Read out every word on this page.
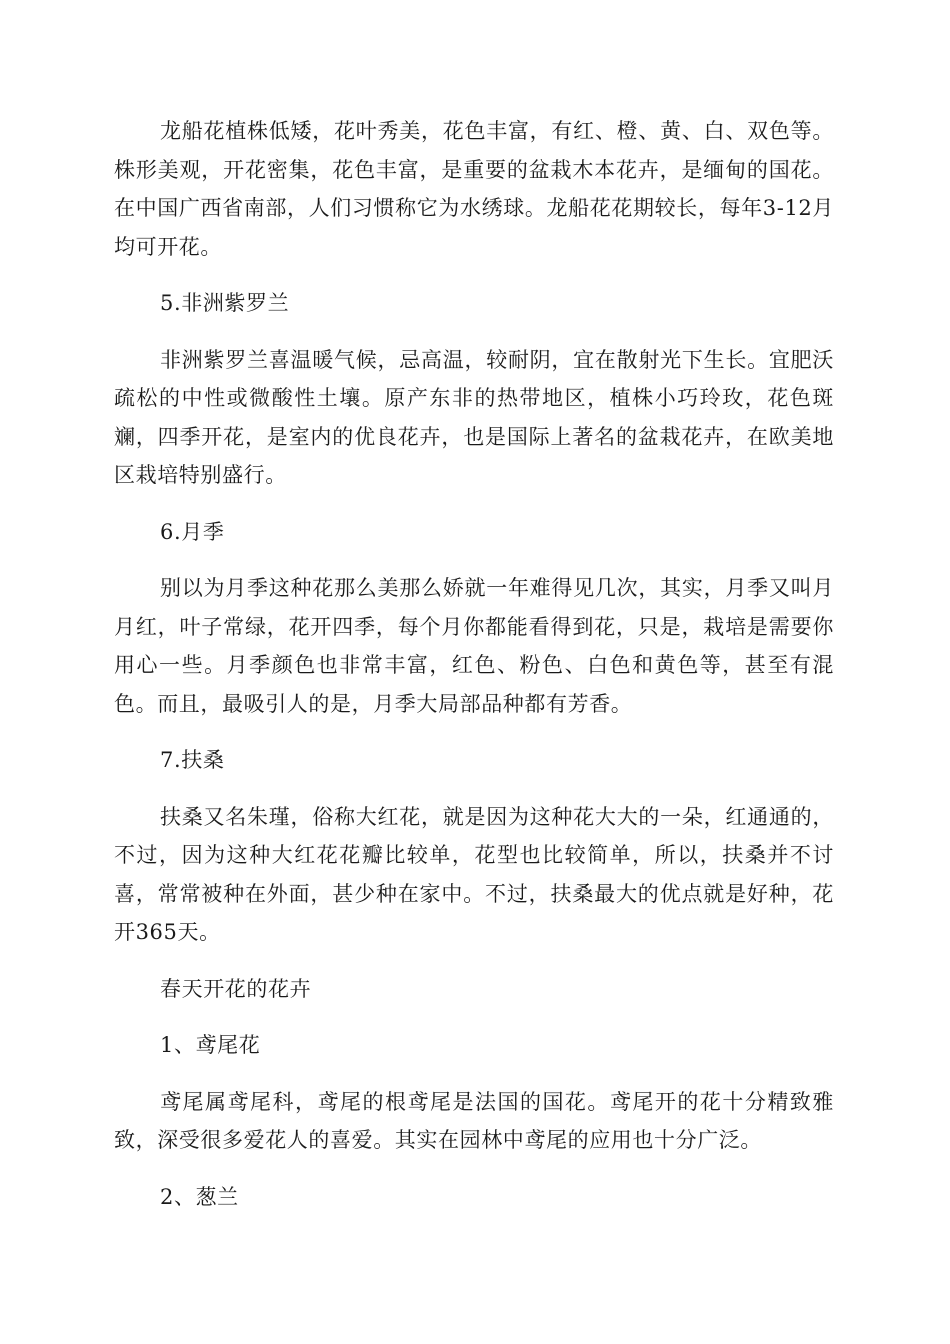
龙船花植株低矮，花叶秀美，花色丰富，有红、橙、黄、白、双色等。株形美观，开花密集，花色丰富，是重要的盆栽木本花卉，是缅甸的国花。在中国广西省南部，人们习惯称它为水绣球。龙船花花期较长，每年3-12月均可开花。

5.非洲紫罗兰

非洲紫罗兰喜温暖气候，忌高温，较耐阴，宜在散射光下生长。宜肥沃疏松的中性或微酸性土壤。原产东非的热带地区，植株小巧玲玫，花色斑斓，四季开花，是室内的优良花卉，也是国际上著名的盆栽花卉，在欧美地区栽培特别盛行。

6.月季

别以为月季这种花那么美那么娇就一年难得见几次，其实，月季又叫月月红，叶子常绿，花开四季，每个月你都能看得到花，只是，栽培是需要你用心一些。月季颜色也非常丰富，红色、粉色、白色和黄色等，甚至有混色。而且，最吸引人的是，月季大局部品种都有芳香。

7.扶桑

扶桑又名朱瑾，俗称大红花，就是因为这种花大大的一朵，红通通的，不过，因为这种大红花花瓣比较单，花型也比较简单，所以，扶桑并不讨喜，常常被种在外面，甚少种在家中。不过，扶桑最大的优点就是好种，花开365天。

春天开花的花卉

1、鸢尾花

鸢尾属鸢尾科，鸢尾的根鸢尾是法国的国花。鸢尾开的花十分精致雅致，深受很多爱花人的喜爱。其实在园林中鸢尾的应用也十分广泛。

2、葱兰
